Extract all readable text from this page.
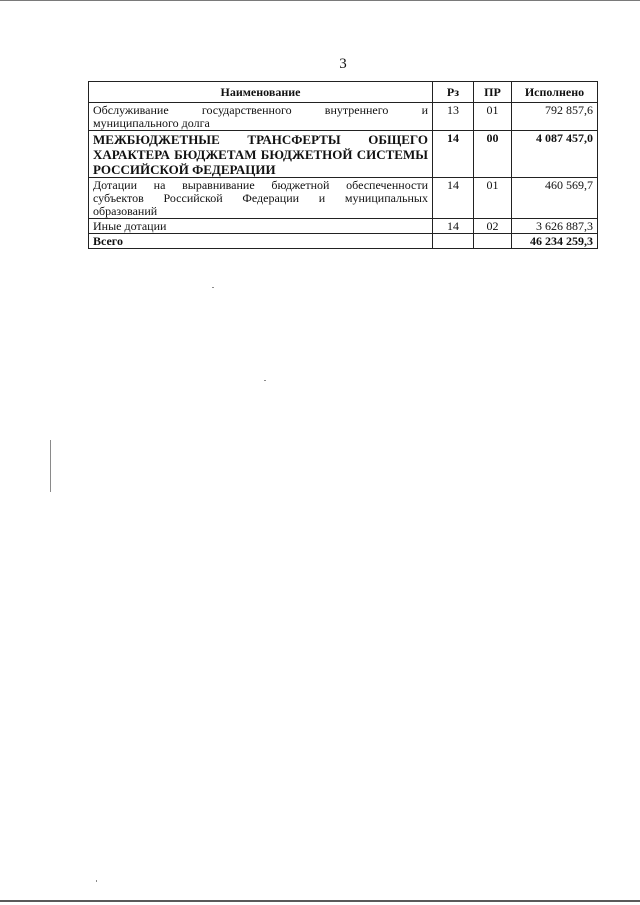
3
Наименование	Рз	ПР	Исполнено

Обслуживание государственного внутреннего и
муниципального долга	13	01	792 857,6

МЕЖБЮДЖЕТНЫЕ ТРАНСФЕРТЫ ОБЩЕГО
ХАРАКТЕРА БЮДЖЕТАМ БЮДЖЕТНОЙ СИСТЕМЫ
РОССИЙСКОЙ ФЕДЕРАЦИИ	14	00	4 087 457,0

Дотации на выравнивание бюджетной обеспеченности
субъектов Российской Федерации и муниципальных
образований	14	01	460 569,7

Иные дотации	14	02	3 626 887,3
Всего			46 234 259,3
